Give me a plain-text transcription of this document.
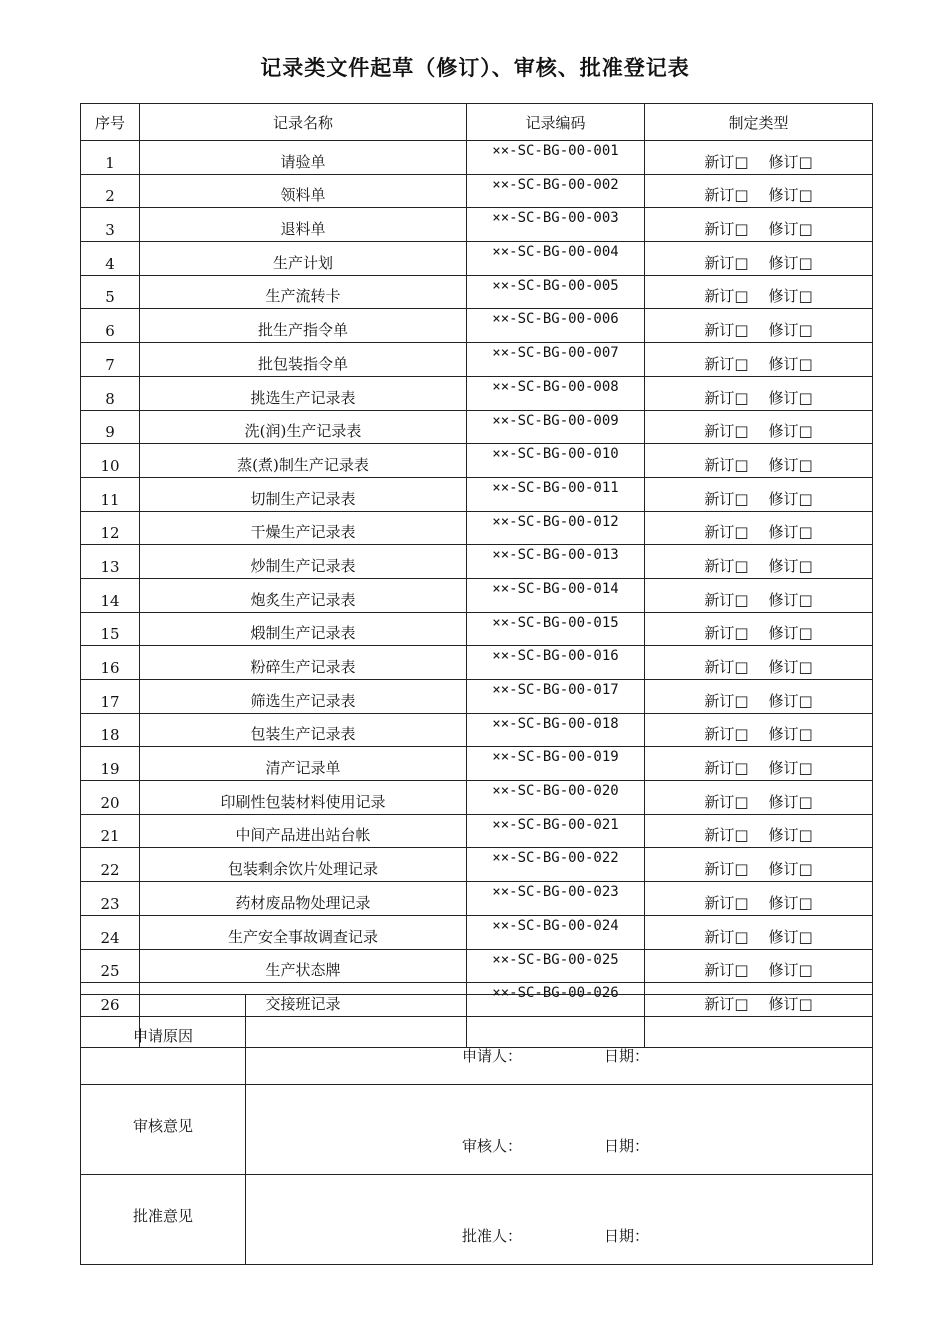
记录类文件起草（修订）、审核、批准登记表
序号	记录名称	记录编码	制定类型
1	请验单	××-SC-BG-00-001	新订□ 修订□
2	领料单	××-SC-BG-00-002	新订□ 修订□
3	退料单	××-SC-BG-00-003	新订□ 修订□
4	生产计划	××-SC-BG-00-004	新订□ 修订□
5	生产流转卡	××-SC-BG-00-005	新订□ 修订□
6	批生产指令单	××-SC-BG-00-006	新订□ 修订□
7	批包装指令单	××-SC-BG-00-007	新订□ 修订□
8	挑选生产记录表	××-SC-BG-00-008	新订□ 修订□
9	洗(润)生产记录表	××-SC-BG-00-009	新订□ 修订□
10	蒸(煮)制生产记录表	××-SC-BG-00-010	新订□ 修订□
11	切制生产记录表	××-SC-BG-00-011	新订□ 修订□
12	干燥生产记录表	××-SC-BG-00-012	新订□ 修订□
13	炒制生产记录表	××-SC-BG-00-013	新订□ 修订□
14	炮炙生产记录表	××-SC-BG-00-014	新订□ 修订□
15	煅制生产记录表	××-SC-BG-00-015	新订□ 修订□
16	粉碎生产记录表	××-SC-BG-00-016	新订□ 修订□
17	筛选生产记录表	××-SC-BG-00-017	新订□ 修订□
18	包装生产记录表	××-SC-BG-00-018	新订□ 修订□
19	清产记录单	××-SC-BG-00-019	新订□ 修订□
20	印刷性包装材料使用记录	××-SC-BG-00-020	新订□ 修订□
21	中间产品进出站台帐	××-SC-BG-00-021	新订□ 修订□
22	包装剩余饮片处理记录	××-SC-BG-00-022	新订□ 修订□
23	药材废品物处理记录	××-SC-BG-00-023	新订□ 修订□
24	生产安全事故调查记录	××-SC-BG-00-024	新订□ 修订□
25	生产状态牌	××-SC-BG-00-025	新订□ 修订□
26	交接班记录	××-SC-BG-00-026	新订□ 修订□

申请原因	申请人： 日期：

审核意见	审核人： 日期：

批准意见	批准人： 日期：
